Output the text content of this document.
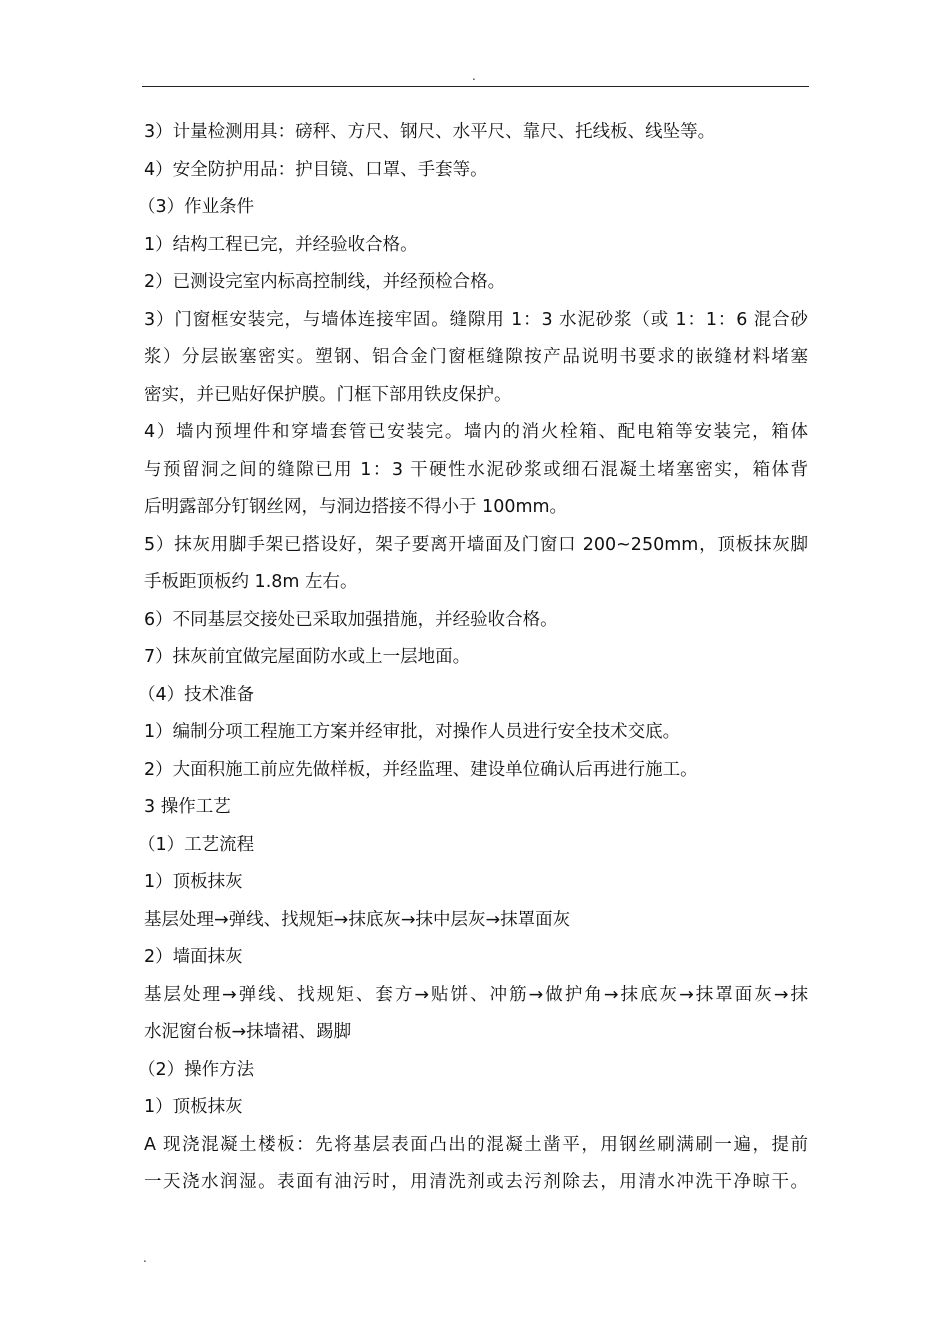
.
3）计量检测用具：磅秤、方尺、钢尺、水平尺、靠尺、托线板、线坠等。
4）安全防护用品：护目镜、口罩、手套等。
（3）作业条件
1）结构工程已完，并经验收合格。
2）已测设完室内标高控制线，并经预检合格。
3）门窗框安装完，与墙体连接牢固。缝隙用 1：3 水泥砂浆（或 1：1：6 混合砂
浆）分层嵌塞密实。塑钢、铝合金门窗框缝隙按产品说明书要求的嵌缝材料堵塞
密实，并已贴好保护膜。门框下部用铁皮保护。
4）墙内预埋件和穿墙套管已安装完。墙内的消火栓箱、配电箱等安装完，箱体
与预留洞之间的缝隙已用 1：3 干硬性水泥砂浆或细石混凝土堵塞密实，箱体背
后明露部分钉钢丝网，与洞边搭接不得小于 100mm。
5）抹灰用脚手架已搭设好，架子要离开墙面及门窗口 200~250mm，顶板抹灰脚
手板距顶板约 1.8m 左右。
6）不同基层交接处已采取加强措施，并经验收合格。
7）抹灰前宜做完屋面防水或上一层地面。
（4）技术准备
1）编制分项工程施工方案并经审批，对操作人员进行安全技术交底。
2）大面积施工前应先做样板，并经监理、建设单位确认后再进行施工。
3 操作工艺
（1）工艺流程
1）顶板抹灰
基层处理→弹线、找规矩→抹底灰→抹中层灰→抹罩面灰
2）墙面抹灰
基层处理→弹线、找规矩、套方→贴饼、冲筋→做护角→抹底灰→抹罩面灰→抹
水泥窗台板→抹墙裙、踢脚
（2）操作方法
1）顶板抹灰
A 现浇混凝土楼板：先将基层表面凸出的混凝土凿平，用钢丝刷满刷一遍，提前
一天浇水润湿。表面有油污时，用清洗剂或去污剂除去，用清水冲洗干净晾干。
.
